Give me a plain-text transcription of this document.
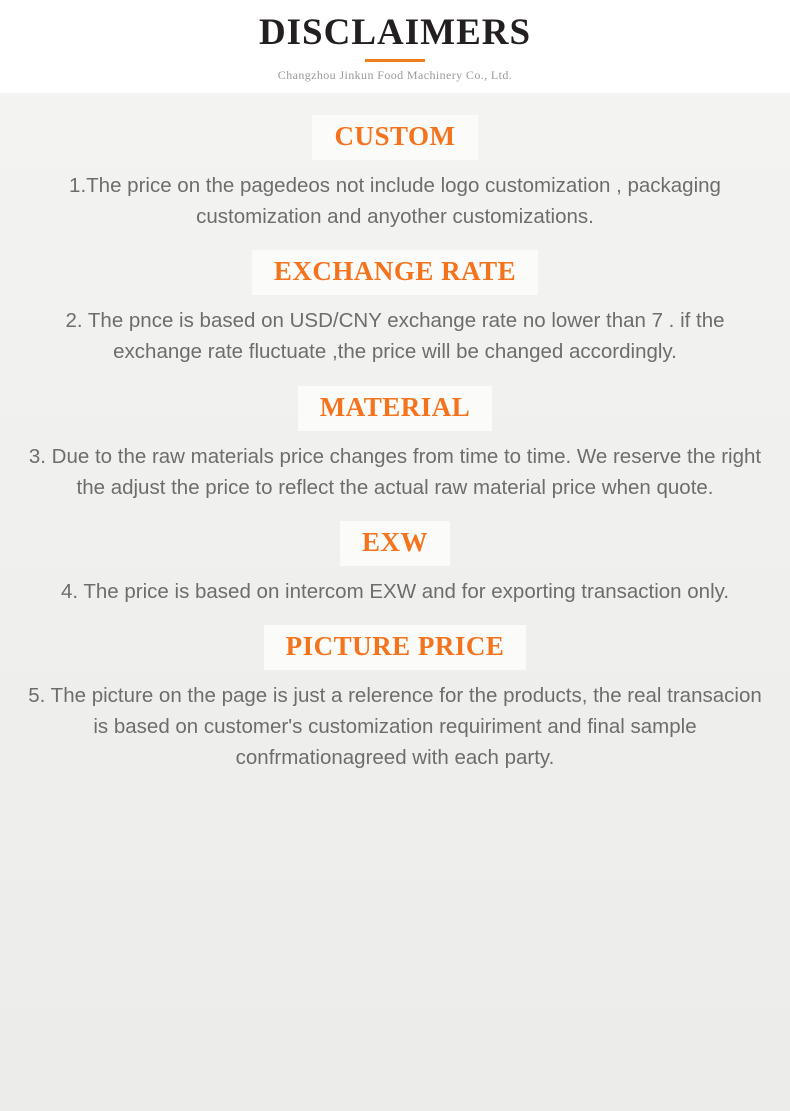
DISCLAIMERS

Changzhou Jinkun Food Machinery Co., Ltd.

CUSTOM

1.The price on the pagedeos not include logo customization , packaging customization and anyother customizations.

EXCHANGE RATE

2. The pnce is based on USD/CNY exchange rate no lower than 7 . if the exchange rate fluctuate ,the price will be changed accordingly.

MATERIAL

3. Due to the raw materials price changes from time to time. We reserve the right the adjust the price to reflect the actual raw material price when quote.

EXW

4. The price is based on intercom EXW and for exporting transaction only.

PICTURE PRICE

5. The picture on the page is just a relerence for the products, the real transacion is based on customer's customization requiriment and final sample confrmationagreed with each party.
